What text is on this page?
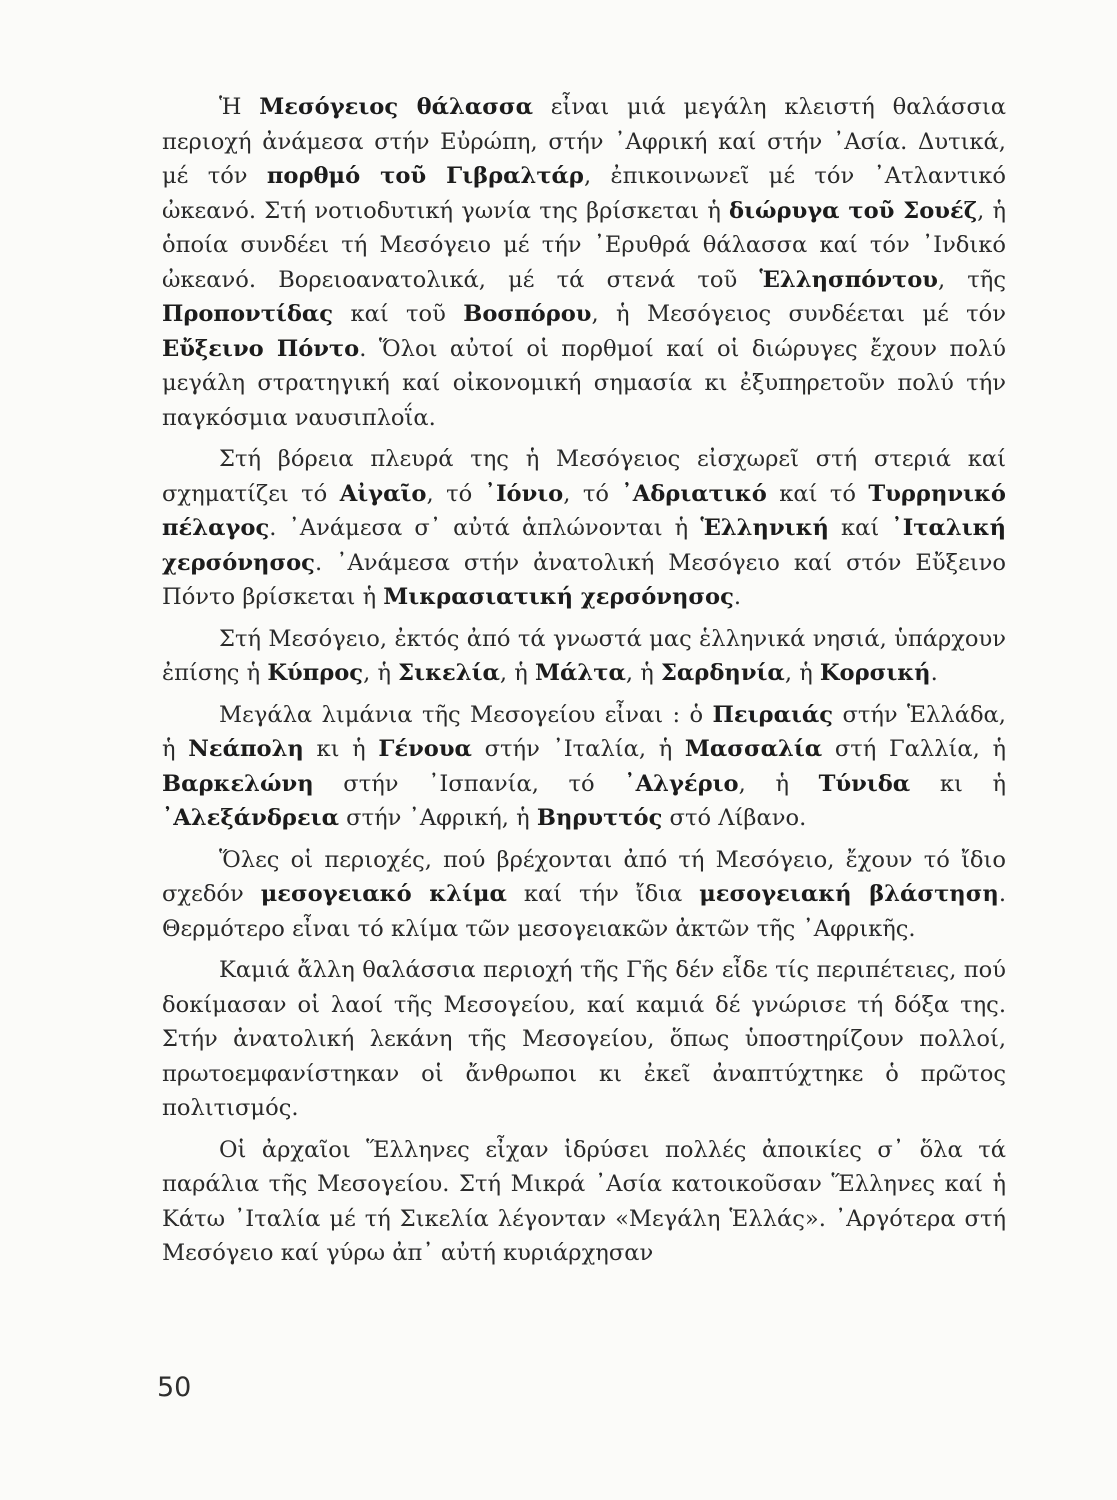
Ἡ Μεσόγειος θάλασσα εἶναι μιά μεγάλη κλειστή θαλάσσια περιοχή ἀνάμεσα στήν Εὐρώπη, στήν ᾽Αφρική καί στήν ᾽Ασία. Δυτικά, μέ τόν πορθμό τοῦ Γιβραλτάρ, ἐπικοινωνεῖ μέ τόν ᾽Ατλαντικό ὠκεανό. Στή νοτιοδυτική γωνία της βρίσκεται ἡ διώρυγα τοῦ Σουέζ, ἡ ὁποία συνδέει τή Μεσόγειο μέ τήν ᾽Ερυθρά θάλασσα καί τόν ᾽Ινδικό ὠκεανό. Βορειοανατολικά, μέ τά στενά τοῦ Ἑλλησπόντου, τῆς Προποντίδας καί τοῦ Βοσπόρου, ἡ Μεσόγειος συνδέεται μέ τόν Εὔξεινο Πόντο. Ὅλοι αὐτοί οἱ πορθμοί καί οἱ διώρυγες ἔχουν πολύ μεγάλη στρατηγική καί οἰκονομική σημασία κι ἐξυπηρετοῦν πολύ τήν παγκόσμια ναυσιπλοΐα.

Στή βόρεια πλευρά της ἡ Μεσόγειος εἰσχωρεῖ στή στεριά καί σχηματίζει τό Αἰγαῖο, τό ᾽Ιόνιο, τό ᾽Αδριατικό καί τό Τυρρηνικό πέλαγος. ᾽Ανάμεσα σ᾽ αὐτά ἁπλώνονται ἡ Ἑλληνική καί ᾽Ιταλική χερσόνησος. ᾽Ανάμεσα στήν ἀνατολική Μεσόγειο καί στόν Εὔξεινο Πόντο βρίσκεται ἡ Μικρασιατική χερσόνησος.

Στή Μεσόγειο, ἐκτός ἀπό τά γνωστά μας ἑλληνικά νησιά, ὑπάρχουν ἐπίσης ἡ Κύπρος, ἡ Σικελία, ἡ Μάλτα, ἡ Σαρδηνία, ἡ Κορσική.

Μεγάλα λιμάνια τῆς Μεσογείου εἶναι : ὁ Πειραιάς στήν Ἑλλάδα, ἡ Νεάπολη κι ἡ Γένουα στήν ᾽Ιταλία, ἡ Μασσαλία στή Γαλλία, ἡ Βαρκελώνη στήν ᾽Ισπανία, τό ᾽Αλγέριο, ἡ Τύνιδα κι ἡ ᾽Αλεξάνδρεια στήν ᾽Αφρική, ἡ Βηρυττός στό Λίβανο.

Ὅλες οἱ περιοχές, πού βρέχονται ἀπό τή Μεσόγειο, ἔχουν τό ἴδιο σχεδόν μεσογειακό κλίμα καί τήν ἴδια μεσογειακή βλάστηση. Θερμότερο εἶναι τό κλίμα τῶν μεσογειακῶν ἀκτῶν τῆς ᾽Αφρικῆς.

Καμιά ἄλλη θαλάσσια περιοχή τῆς Γῆς δέν εἶδε τίς περιπέτειες, πού δοκίμασαν οἱ λαοί τῆς Μεσογείου, καί καμιά δέ γνώρισε τή δόξα της. Στήν ἀνατολική λεκάνη τῆς Μεσογείου, ὅπως ὑποστηρίζουν πολλοί, πρωτοεμφανίστηκαν οἱ ἄνθρωποι κι ἐκεῖ ἀναπτύχτηκε ὁ πρῶτος πολιτισμός.

Οἱ ἀρχαῖοι Ἕλληνες εἶχαν ἱδρύσει πολλές ἀποικίες σ᾽ ὅλα τά παράλια τῆς Μεσογείου. Στή Μικρά ᾽Ασία κατοικοῦσαν Ἕλληνες καί ἡ Κάτω ᾽Ιταλία μέ τή Σικελία λέγονταν «Μεγάλη Ἑλλάς». ᾽Αργότερα στή Μεσόγειο καί γύρω ἀπ᾽ αὐτή κυριάρχησαν

50
